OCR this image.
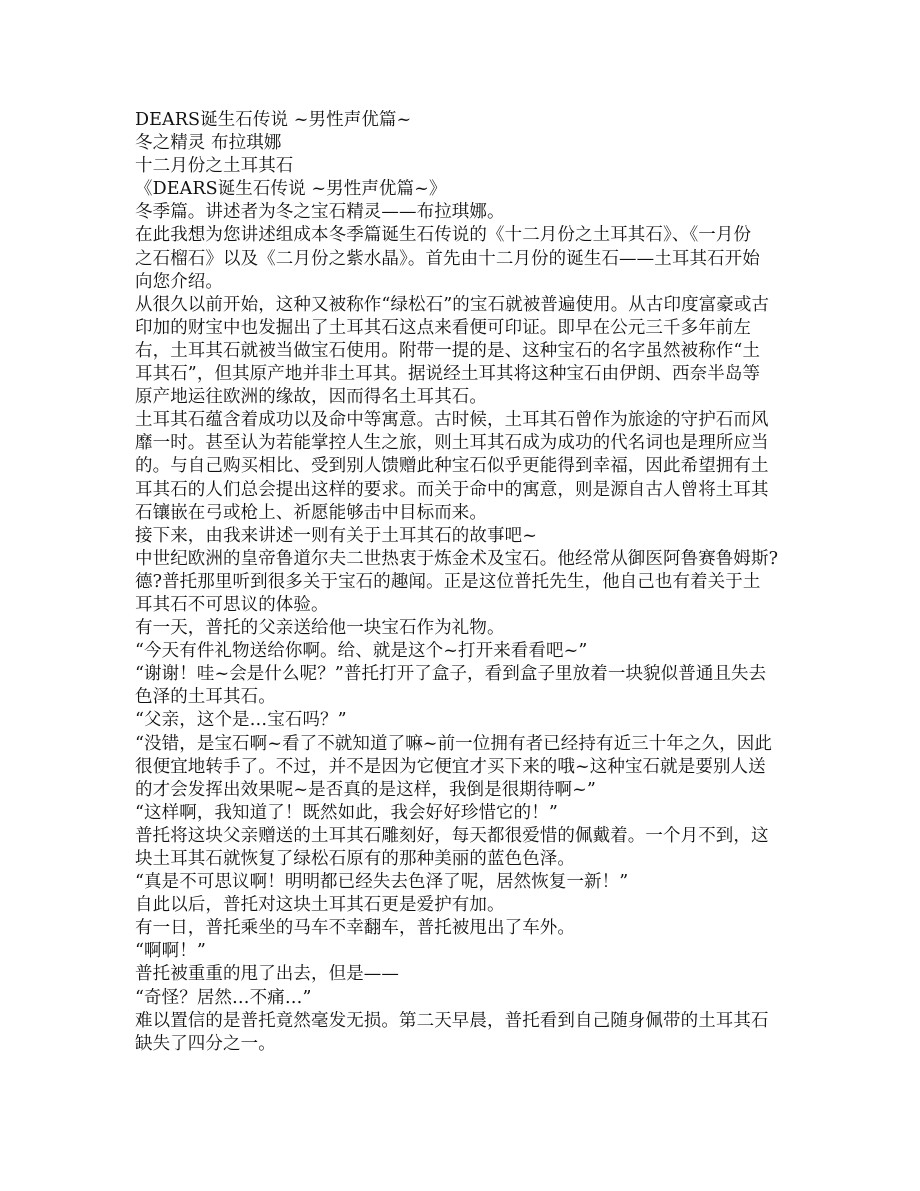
DEARS诞生石传说 ~男性声优篇~
冬之精灵 布拉琪娜
十二月份之土耳其石
《DEARS诞生石传说 ~男性声优篇~》
冬季篇。讲述者为冬之宝石精灵——布拉琪娜。
在此我想为您讲述组成本冬季篇诞生石传说的《十二月份之土耳其石》、《一月份
之石榴石》以及《二月份之紫水晶》。首先由十二月份的诞生石——土耳其石开始
向您介绍。
从很久以前开始，这种又被称作“绿松石”的宝石就被普遍使用。从古印度富豪或古
印加的财宝中也发掘出了土耳其石这点来看便可印证。即早在公元三千多年前左
右，土耳其石就被当做宝石使用。附带一提的是、这种宝石的名字虽然被称作“土
耳其石”，但其原产地并非土耳其。据说经土耳其将这种宝石由伊朗、西奈半岛等
原产地运往欧洲的缘故，因而得名土耳其石。
土耳其石蕴含着成功以及命中等寓意。古时候，土耳其石曾作为旅途的守护石而风
靡一时。甚至认为若能掌控人生之旅，则土耳其石成为成功的代名词也是理所应当
的。与自己购买相比、受到别人馈赠此种宝石似乎更能得到幸福，因此希望拥有土
耳其石的人们总会提出这样的要求。而关于命中的寓意，则是源自古人曾将土耳其
石镶嵌在弓或枪上、祈愿能够击中目标而来。
接下来，由我来讲述一则有关于土耳其石的故事吧~
中世纪欧洲的皇帝鲁道尔夫二世热衷于炼金术及宝石。他经常从御医阿鲁赛鲁姆斯?
德?普托那里听到很多关于宝石的趣闻。正是这位普托先生，他自己也有着关于土
耳其石不可思议的体验。
有一天，普托的父亲送给他一块宝石作为礼物。
“今天有件礼物送给你啊。给、就是这个~打开来看看吧~”
“谢谢！哇~会是什么呢？”普托打开了盒子，看到盒子里放着一块貌似普通且失去
色泽的土耳其石。
“父亲，这个是…宝石吗？”
“没错，是宝石啊~看了不就知道了嘛~前一位拥有者已经持有近三十年之久，因此
很便宜地转手了。不过，并不是因为它便宜才买下来的哦~这种宝石就是要别人送
的才会发挥出效果呢~是否真的是这样，我倒是很期待啊~”
“这样啊，我知道了！既然如此，我会好好珍惜它的！”
普托将这块父亲赠送的土耳其石雕刻好，每天都很爱惜的佩戴着。一个月不到，这
块土耳其石就恢复了绿松石原有的那种美丽的蓝色色泽。
“真是不可思议啊！明明都已经失去色泽了呢，居然恢复一新！”
自此以后，普托对这块土耳其石更是爱护有加。
有一日，普托乘坐的马车不幸翻车，普托被甩出了车外。
“啊啊！”
普托被重重的甩了出去，但是——
“奇怪？居然…不痛…”
难以置信的是普托竟然毫发无损。第二天早晨，普托看到自己随身佩带的土耳其石
缺失了四分之一。
